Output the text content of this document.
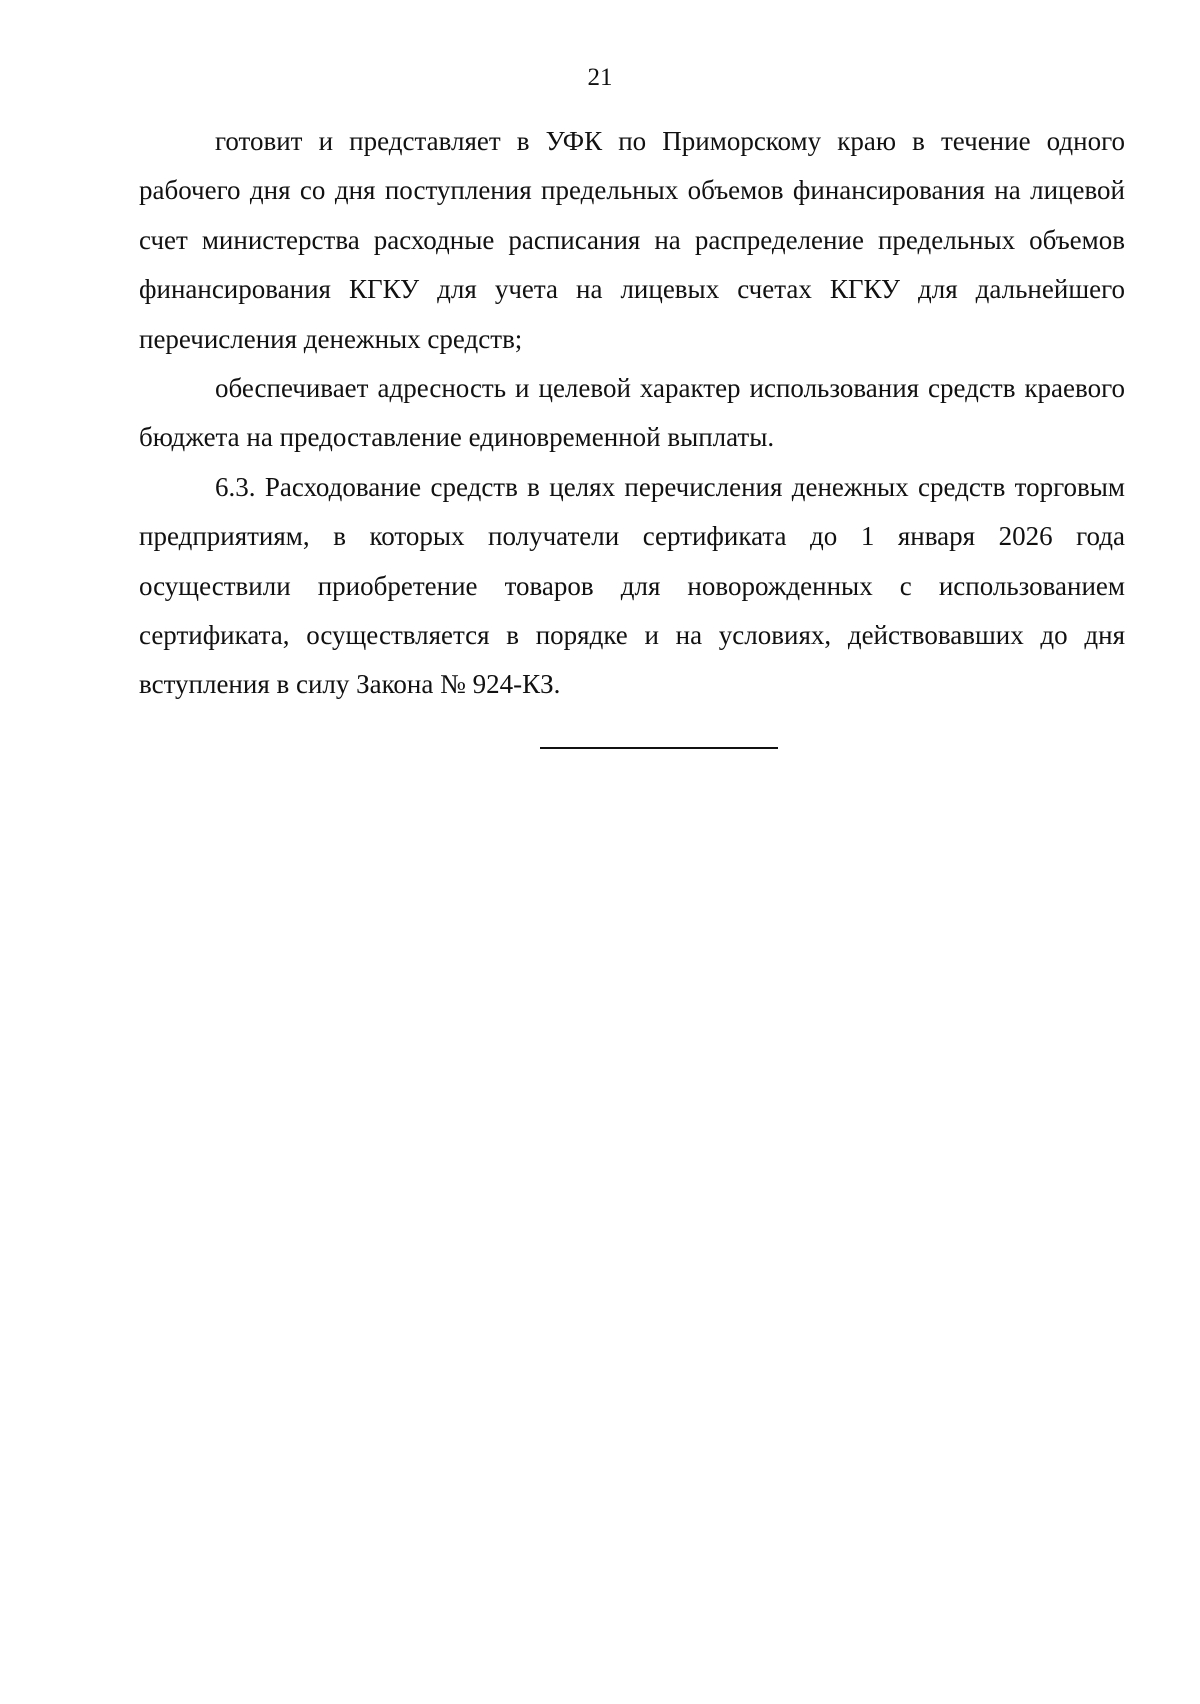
21

готовит и представляет в УФК по Приморскому краю в течение одного рабочего дня со дня поступления предельных объемов финансирования на лицевой счет министерства расходные расписания на распределение предельных объемов финансирования КГКУ для учета на лицевых счетах КГКУ для дальнейшего перечисления денежных средств;

обеспечивает адресность и целевой характер использования средств краевого бюджета на предоставление единовременной выплаты.

6.3. Расходование средств в целях перечисления денежных средств торговым предприятиям, в которых получатели сертификата до 1 января 2026 года осуществили приобретение товаров для новорожденных с использованием сертификата, осуществляется в порядке и на условиях, действовавших до дня вступления в силу Закона № 924-КЗ.
